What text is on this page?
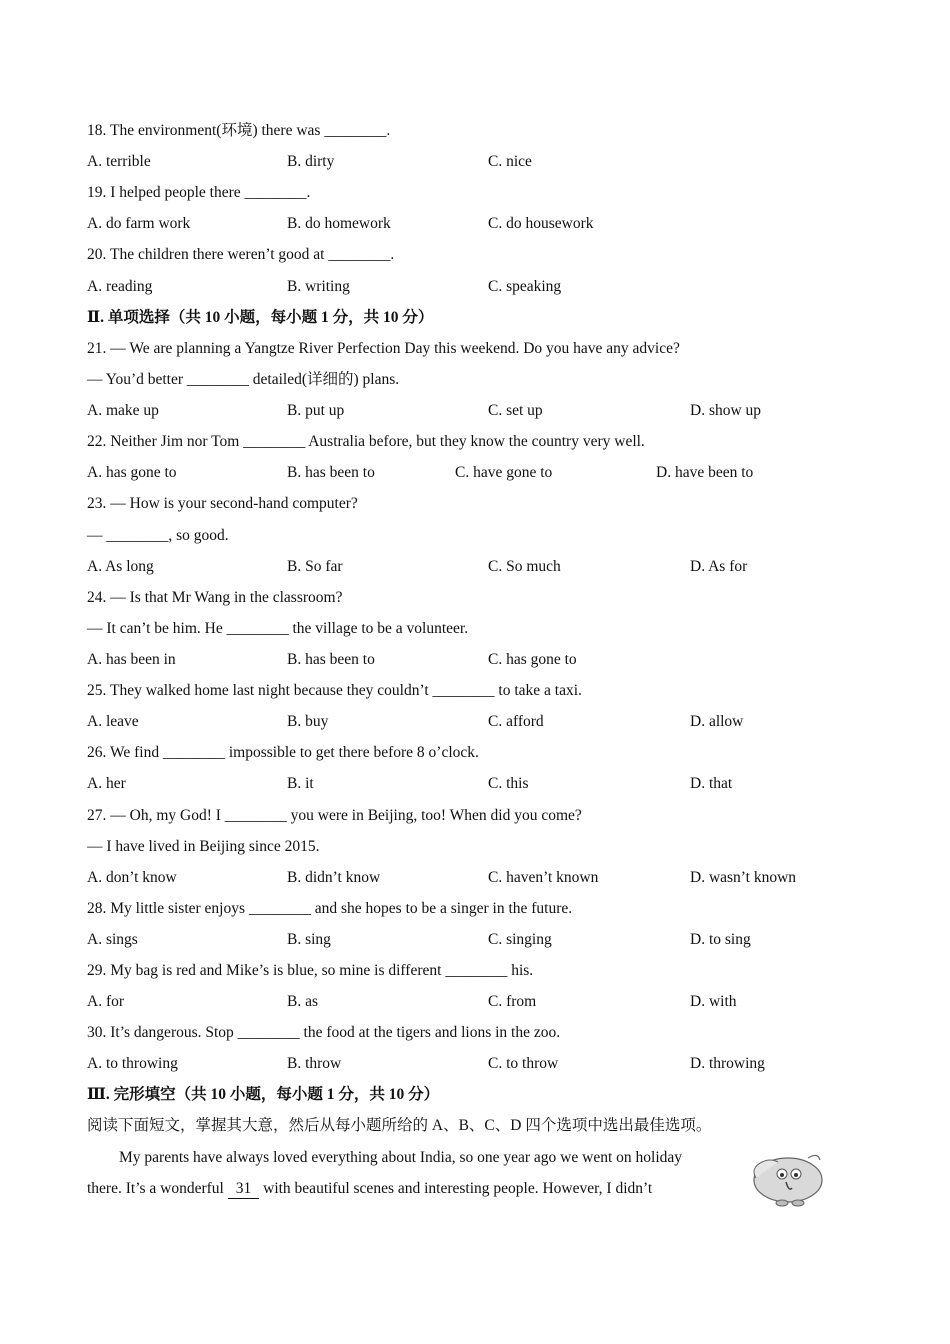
18. The environment(环境) there was ________.
A. terrible	B. dirty	C. nice
19. I helped people there ________.
A. do farm work	B. do homework	C. do housework
20. The children there weren’t good at ________.
A. reading	B. writing	C. speaking
Ⅱ. 单项选择（共 10 小题，每小题 1 分，共 10 分）
21. — We are planning a Yangtze River Perfection Day this weekend. Do you have any advice?
— You’d better ________ detailed(详细的) plans.
A. make up	B. put up	C. set up	D. show up
22. Neither Jim nor Tom ________ Australia before, but they know the country very well.
A. has gone to	B. has been to	C. have gone to	D. have been to
23. — How is your second-hand computer?
— ________, so good.
A. As long	B. So far	C. So much	D. As for
24. — Is that Mr Wang in the classroom?
— It can’t be him. He ________ the village to be a volunteer.
A. has been in	B. has been to	C. has gone to
25. They walked home last night because they couldn’t ________ to take a taxi.
A. leave	B. buy	C. afford	D. allow
26. We find ________ impossible to get there before 8 o’clock.
A. her	B. it	C. this	D. that
27. — Oh, my God! I ________ you were in Beijing, too! When did you come?
— I have lived in Beijing since 2015.
A. don’t know	B. didn’t know	C. haven’t known	D. wasn’t known
28. My little sister enjoys ________ and she hopes to be a singer in the future.
A. sings	B. sing	C. singing	D. to sing
29. My bag is red and Mike’s is blue, so mine is different ________ his.
A. for	B. as	C. from	D. with
30. It’s dangerous. Stop ________ the food at the tigers and lions in the zoo.
A. to throwing	B. throw	C. to throw	D. throwing
Ⅲ. 完形填空（共 10 小题，每小题 1 分，共 10 分）
阅读下面短文，掌握其大意，然后从每小题所给的 A、B、C、D 四个选项中选出最佳选项。
My parents have always loved everything about India, so one year ago we went on holiday
there. It’s a wonderful 31 with beautiful scenes and interesting people. However, I didn’t
